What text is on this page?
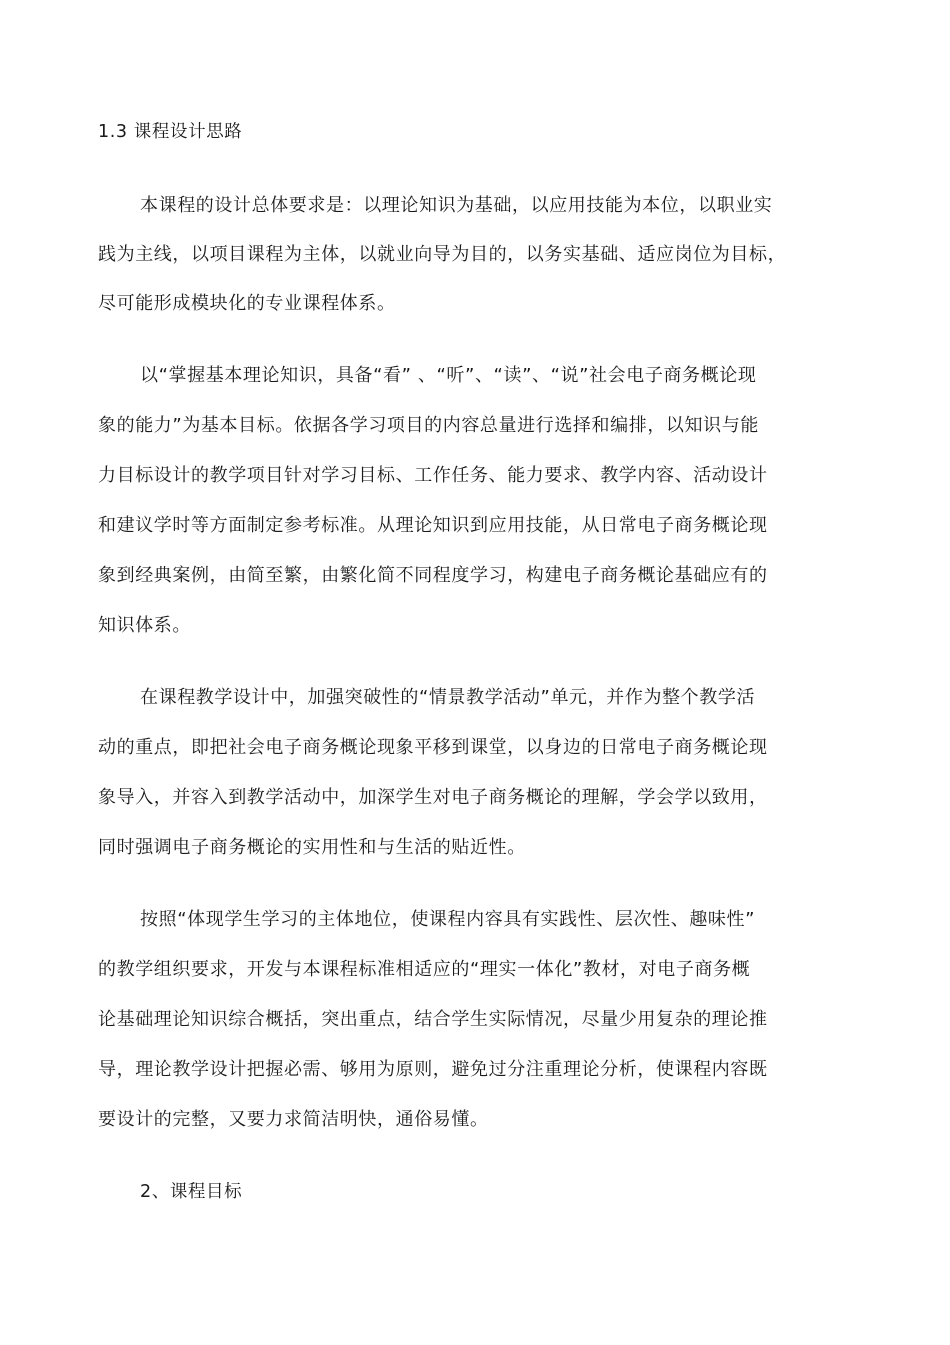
1.3 课程设计思路
本课程的设计总体要求是：以理论知识为基础，以应用技能为本位，以职业实
践为主线，以项目课程为主体，以就业向导为目的，以务实基础、适应岗位为目标，
尽可能形成模块化的专业课程体系。
以“掌握基本理论知识，具备“看” 、“听”、“读”、“说”社会电子商务概论现
象的能力”为基本目标。依据各学习项目的内容总量进行选择和编排，以知识与能
力目标设计的教学项目针对学习目标、工作任务、能力要求、教学内容、活动设计
和建议学时等方面制定参考标准。从理论知识到应用技能，从日常电子商务概论现
象到经典案例，由简至繁，由繁化简不同程度学习，构建电子商务概论基础应有的
知识体系。
在课程教学设计中，加强突破性的“情景教学活动”单元，并作为整个教学活
动的重点，即把社会电子商务概论现象平移到课堂，以身边的日常电子商务概论现
象导入，并容入到教学活动中，加深学生对电子商务概论的理解，学会学以致用，
同时强调电子商务概论的实用性和与生活的贴近性。
按照“体现学生学习的主体地位，使课程内容具有实践性、层次性、趣味性”
的教学组织要求，开发与本课程标准相适应的“理实一体化”教材，对电子商务概
论基础理论知识综合概括，突出重点，结合学生实际情况，尽量少用复杂的理论推
导，理论教学设计把握必需、够用为原则，避免过分注重理论分析，使课程内容既
要设计的完整，又要力求简洁明快，通俗易懂。
2、课程目标
